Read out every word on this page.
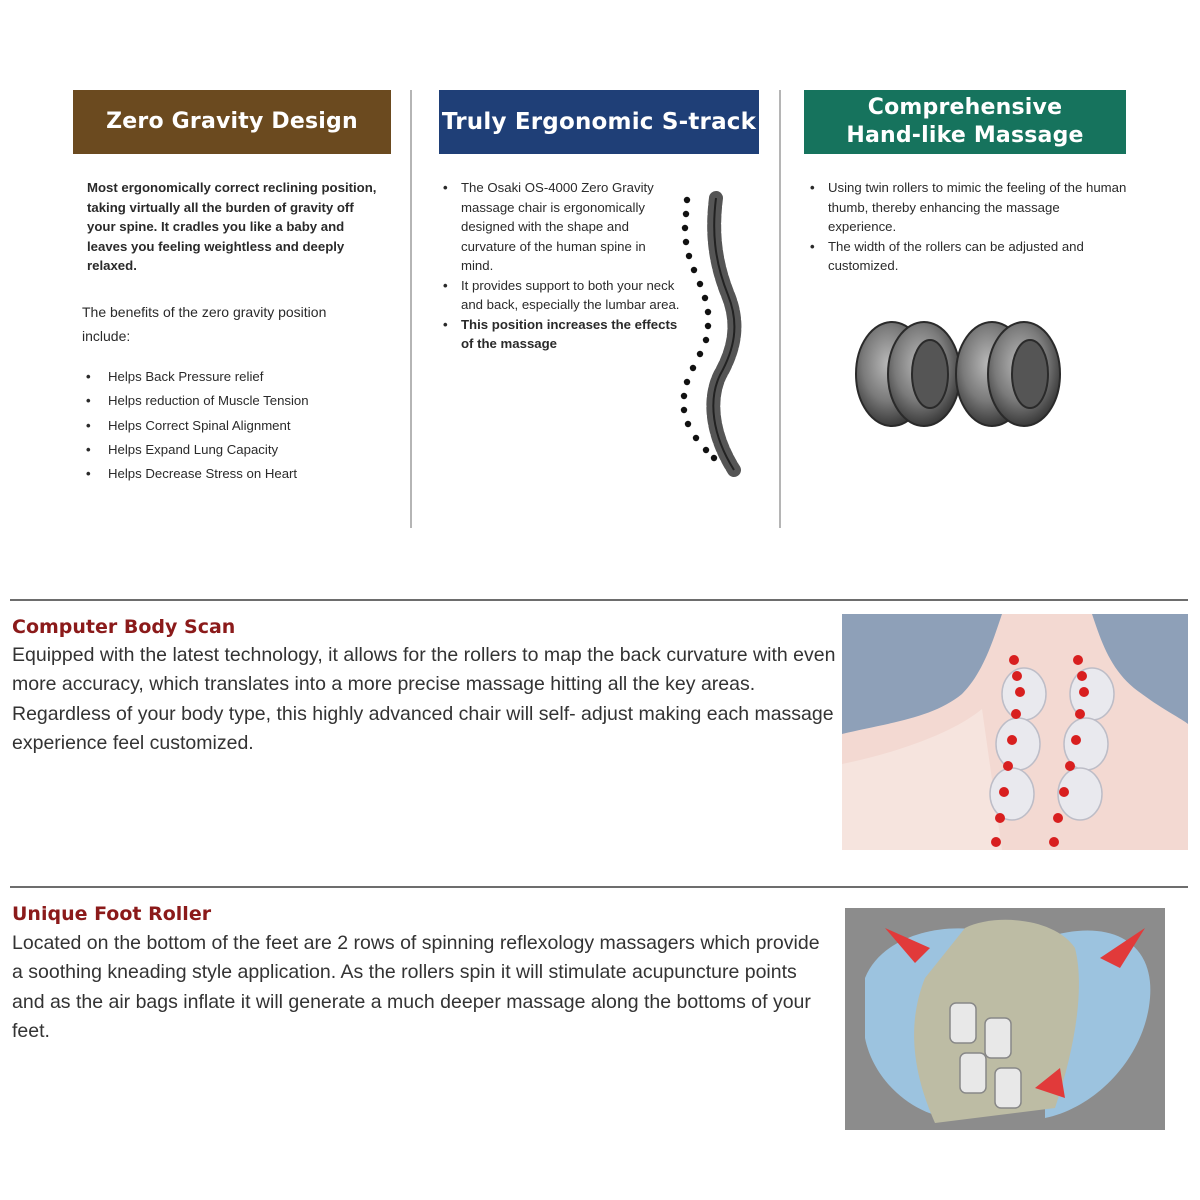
Zero Gravity Design
Most ergonomically correct reclining position, taking virtually all the burden of gravity off your spine. It cradles you like a baby and leaves you feeling weightless and deeply relaxed.
The benefits of the zero gravity position include:
• Helps Back Pressure relief
• Helps reduction of Muscle Tension
• Helps Correct Spinal Alignment
• Helps Expand Lung Capacity
• Helps Decrease Stress on Heart
Truly Ergonomic S-track
• The Osaki OS-4000 Zero Gravity massage chair is ergonomically designed with the shape and curvature of the human spine in mind.
• It provides support to both your neck and back, especially the lumbar area.
• This position increases the effects of the massage
Comprehensive
Hand-like Massage
• Using twin rollers to mimic the feeling of the human thumb, thereby enhancing the massage experience.
• The width of the rollers can be adjusted and customized.
Computer Body Scan
Equipped with the latest technology, it allows for the rollers to map the back curvature with even more accuracy, which translates into a more precise massage hitting all the key areas. Regardless of your body type, this highly advanced chair will self- adjust making each massage experience feel customized.
Unique Foot Roller
Located on the bottom of the feet are 2 rows of spinning reflexology massagers which provide a soothing kneading style application. As the rollers spin it will stimulate acupuncture points and as the air bags inflate it will generate a much deeper massage along the bottoms of your feet.
